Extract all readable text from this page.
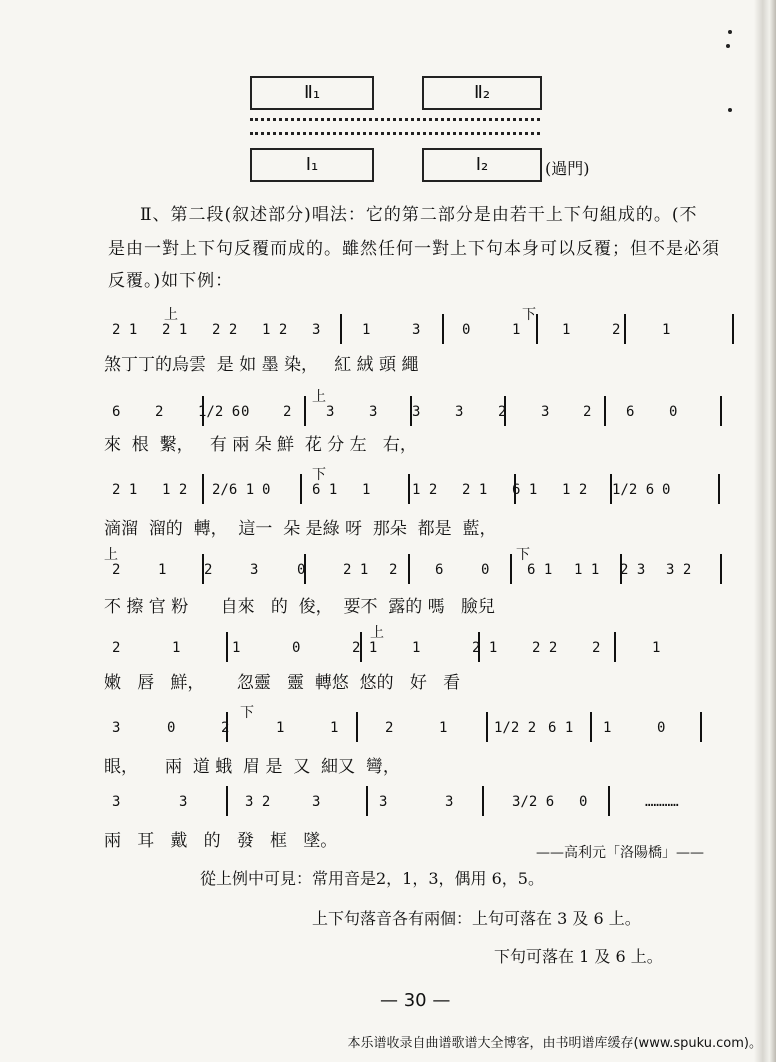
Ⅱ₁	Ⅱ₂
Ⅰ₁	Ⅰ₂	(過門)
Ⅱ、第二段(叙述部分)唱法：它的第二部分是由若干上下句組成的。(不
是由一對上下句反覆而成的。雖然任何一對上下句本身可以反覆；但不是必須
反覆。)如下例：
2 1 2 1 2 2 1 2 3	1	3	0	1	1	2	1
上	下
煞丁丁的烏雲  是 如 墨 染，   紅 絨 頭 繩
6 2 1/2 6 0 2 3 3 3 3 2 3 2 6 0
上
來  根  繫，   有 兩 朵 鮮  花 分 左   右，
2 1 1 2 2/6 1 0	6 1 1	1 2 2 1 6 1 1 2 1/2 6 0
下
滴溜  溜的  轉，  這一  朵 是綠 呀  那朵  都是  藍，
2	1	2	3	0	2 1 2	6	0	6 1 1 1 2 3 3 2
上	下
不 擦 官 粉      自來   的  俊，  要不  露的 嗎   臉兒
2	1	1	0	2 1 1	2 1 2 2 2	1
上
嫩   唇   鮮，      忽靈   靈  轉悠  悠的   好   看
3	0	2	1	1	2	1	1/2 2 6 1 1	0
下
眼，     兩  道 蛾  眉 是  又  細又  彎，
3	3	3 2	3	3	3	3/2 6 0	…………
兩   耳   戴   的   發   框   墜。
——高利元「洛陽橋」——
從上例中可見：常用音是2，1，3，偶用 6，5。
上下句落音各有兩個：上句可落在 3 及 6 上。
下句可落在 1 及 6 上。
— 30 —
本乐谱收录自曲谱歌谱大全博客，由书明谱库缓存(www.spuku.com)。
